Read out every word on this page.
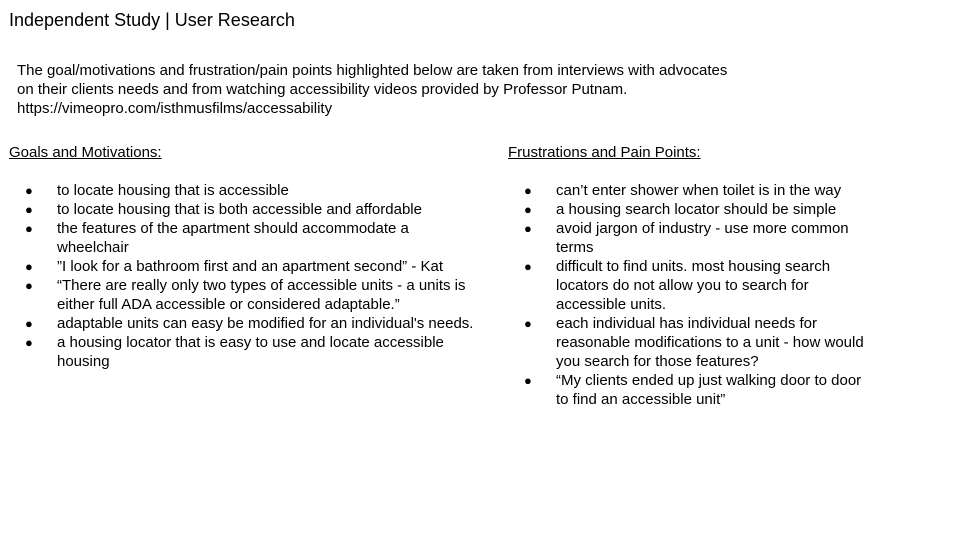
Independent Study | User Research
The goal/motivations and frustration/pain points highlighted below are taken from interviews with advocates
on their clients needs and from watching accessibility videos provided by Professor Putnam.
https://vimeopro.com/isthmusfilms/accessability
Goals and Motivations:
● to locate housing that is accessible
● to locate housing that is both accessible and affordable
● the features of the apartment should accommodate a wheelchair
● ”I look for a bathroom first and an apartment second” - Kat
● “There are really only two types of accessible units - a units is either full ADA accessible or considered adaptable.”
● adaptable units can easy be modified for an individual's needs.
● a housing locator that is easy to use and locate accessible housing
Frustrations and Pain Points:
● can’t enter shower when toilet is in the way
● a housing search locator should be simple
● avoid jargon of industry - use more common terms
● difficult to find units. most housing search locators do not allow you to search for accessible units.
● each individual has individual needs for reasonable modifications to a unit - how would you search for those features?
● “My clients ended up just walking door to door to find an accessible unit”
